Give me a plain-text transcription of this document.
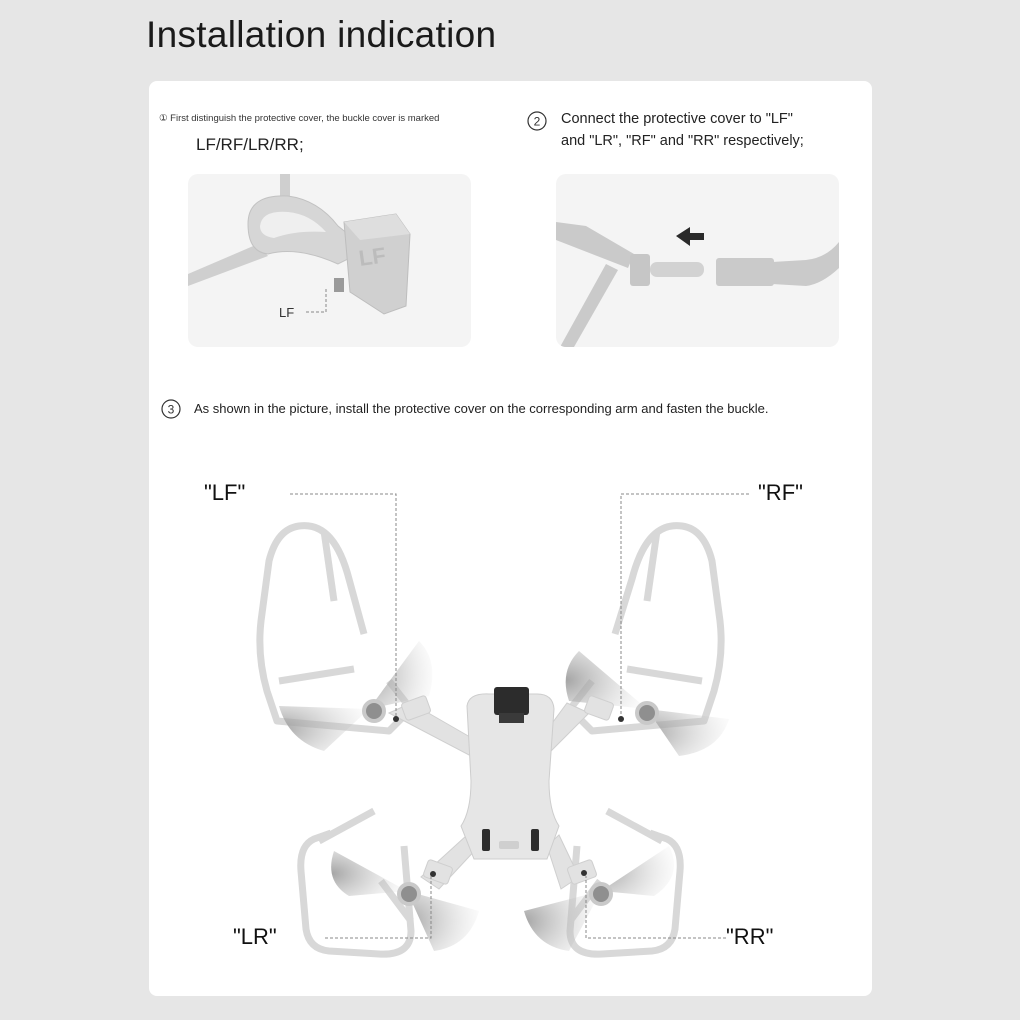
Installation indication
① First distinguish the protective cover, the buckle cover is marked
LF/RF/LR/RR;
2 Connect the protective cover to "LF"
and "LR", "RF" and "RR" respectively;
LF
LF
3 As shown in the picture, install the protective cover on the corresponding arm and fasten the buckle.
"LF"	"RF"
"LR"	"RR"
